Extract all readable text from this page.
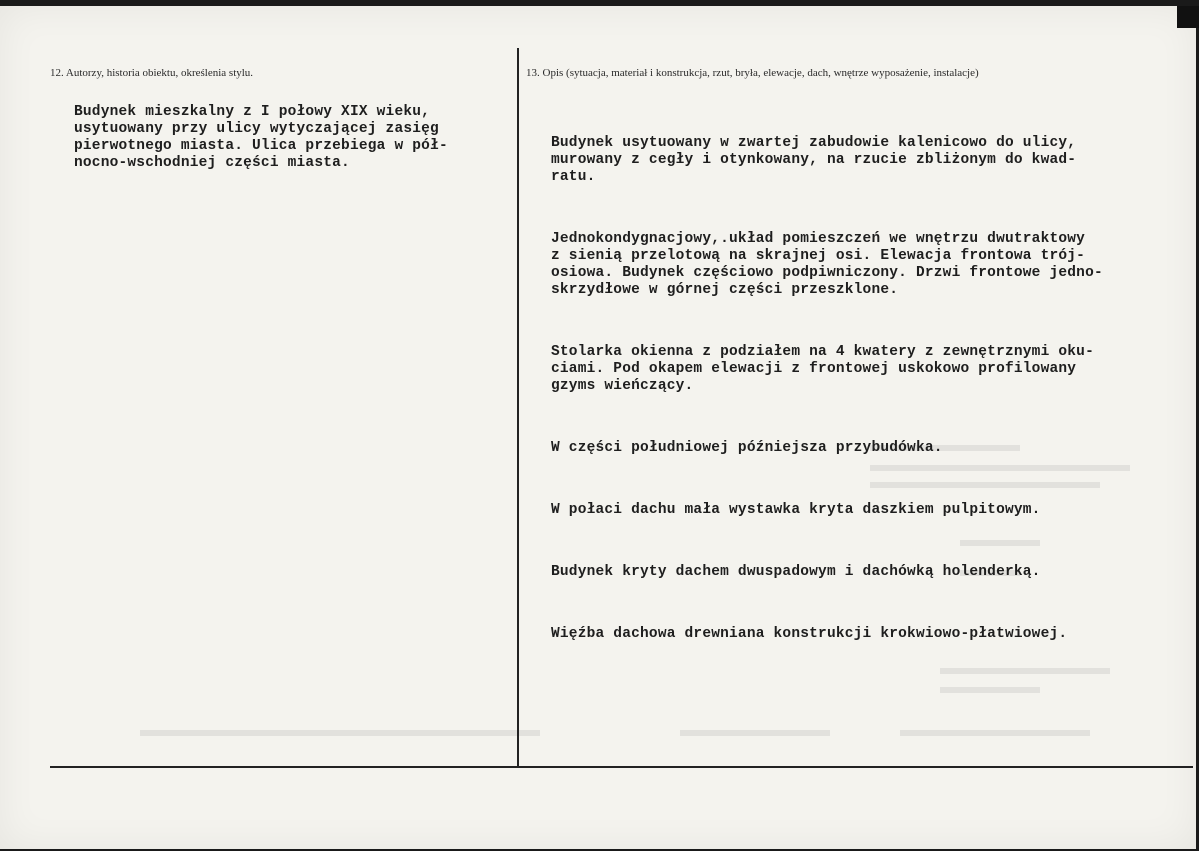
12. Autorzy, historia obiektu, określenia stylu.	13. Opis (sytuacja, materiał i konstrukcja, rzut, bryła, elewacje, dach, wnętrze wyposażenie, instalacje)
Budynek mieszkalny z I połowy XIX wieku,
usytuowany przy ulicy wytyczającej zasięg
pierwotnego miasta. Ulica przebiega w pół-
nocno-wschodniej części miasta.

Budynek usytuowany w zwartej zabudowie kalenicowo do ulicy,
murowany z cegły i otynkowany, na rzucie zbliżonym do kwad-
ratu.

Jednokondygnacjowy,.układ pomieszczeń we wnętrzu dwutraktowy
z sienią przelotową na skrajnej osi. Elewacja frontowa trój-
osiowa. Budynek częściowo podpiwniczony. Drzwi frontowe jedno-
skrzydłowe w górnej części przeszklone.

Stolarka okienna z podziałem na 4 kwatery z zewnętrznymi oku-
ciami. Pod okapem elewacji z frontowej uskokowo profilowany
gzyms wieńczący.

W części południowej późniejsza przybudówka.

W połaci dachu mała wystawka kryta daszkiem pulpitowym.

Budynek kryty dachem dwuspadowym i dachówką holenderką.

Więźba dachowa drewniana konstrukcji krokwiowo-płatwiowej.
